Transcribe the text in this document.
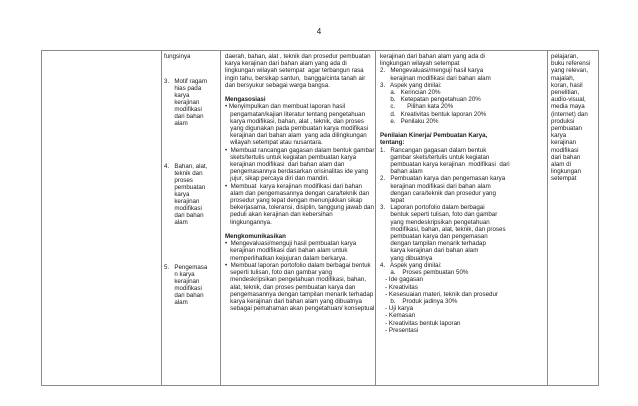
4
fungsinya
3.   Motif ragam
hias pada
karya
kerajinan
modifikasi
dari bahan
alam
4.   Bahan, alat,
teknik dan
proses
pembuatan
karya
kerajinan
modifikasi
dari bahan
alam
5.   Pengemasa
n karya
kerajinan
modifikasi
dari bahan
alam
daerah, bahan, alat , teknik dan prosedur pembuatan
karya kerajinan dari bahan alam yang ada di
lingkungan wilayah setempat  agar terbangun rasa
ingin tahu, bersikap santun,  bangga/cinta tanah air
dan bersyukur sebagai warga bangsa.

Mengasosiasi
• Menyimpulkan dan membuat laporan hasil
pengamatan/kajian literatur tentang pengetahuan
karya modifikasi, bahan, alat , teknik, dan proses
yang digunakan pada pembuatan karya modifikasi
kerajinan dari bahan alam  yang ada dilingkungan
wilayah setempat atau nusantara.
•  Membuat rancangan gagasan dalam bentuk gambar
skets/tertulis untuk kegiatan pembuatan karya
kerajinan modifikasi  dari bahan alam dan
pengemasannya berdasarkan orisinalitas ide yang
jujur, sikap percaya diri dan mandiri.
•  Membuat  karya kerajinan modifikasi dari bahan
alam dan pengemasannya dengan cara/teknik dan
prosedur yang tepat dengan menunjukkan sikap
bekerjasama, toleransi, disiplin, tanggung jawab dan
peduli akan kerajinan dan kebersihan
lingkungannya.

Mengkomunikasikan
•  Mengevaluasi/menguji hasil pembuatan karya
kerajinan modifikasi dari bahan alam untuk
memperlihatkan kejujuran dalam berkarya.
•  Membuat laporan portofolio dalam berbagai bentuk
seperti tulisan, foto dan gambar yang
mendeskripsikan pengetahuan modifikasi, bahan,
alat, teknik, dan proses pembuatan karya dan
pengemasannya dengan tampilan menarik terhadap
karya kerajinan dari bahan alam yang dibuatnya
sebagai pemahaman akan pengetahuan/ konseptual
kerajinan dari bahan alam yang ada di
lingkungan wilayah setempat
2.   Mengevaluasi/menguji hasil karya
kerajinan modifikasi dari bahan alam
3.   Aspek yang dinilai:
a.   Kerincian 20%
b.   Ketepatan pengetahuan 20%
c.       Pilihan kata 20%
d.   Kreativitas bentuk laporan 20%
e.   Penilaku 20%

Penilaian Kinerja/ Pembuatan Karya,
tentang:
1.   Rancangan gagasan dalam bentuk
gambar skets/tertulis untuk kegiatan
pembuatan karya kerajinan  modifikasi  dari
bahan alam
2.   Pembuatan karya dan pengemasan karya
kerajinan modifikasi dari bahan alam
dengan cara/teknik dan prosedur yang
tepat
3.   Laporan portofolio dalam berbagai
bentuk seperti tulisan, foto dan gambar
yang mendeskripsikan pengetahuan
modifikasi, bahan, alat, teknik, dan proses
pembuatan karya dan pengemasan
dengan tampilan menarik terhadap
karya kerajinan dari bahan alam
yang dibuatnya
4.   Aspek yang dinilai:
a.    Proses pembuatan 50%
- Ide gagasan
- Kreativitas
- Kesesuaian materi, teknik dan prosedur
b.    Produk jadinya 30%
- Uji karya
- Kemasan
- Kreativitas bentuk laporan
- Presentasi
pelajaran,
buku referensi
yang relevan,
majalah,
koran, hasil
penelitian,
audio-visual,
media maya
(internet) dan
produksi
pembuatan
karya
kerajinan
modifikasi
dari bahan
alam di
lingkungan
setempat
